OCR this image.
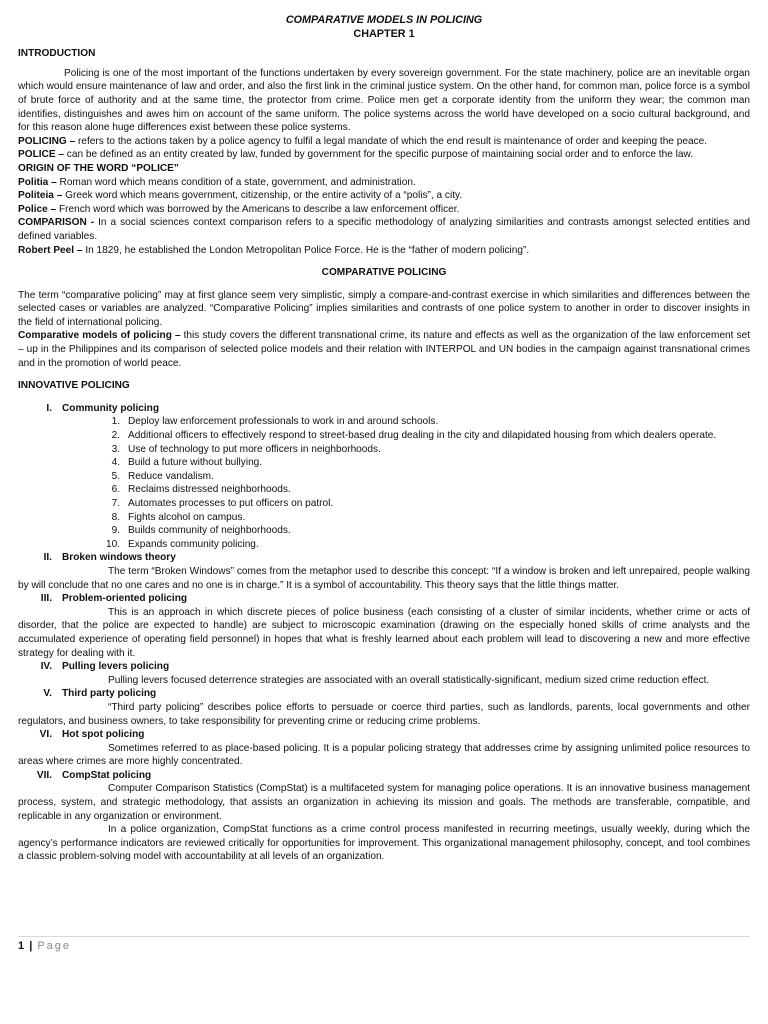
COMPARATIVE MODELS IN POLICING
CHAPTER 1

INTRODUCTION

Policing is one of the most important of the functions undertaken by every sovereign government. For the state machinery, police are an inevitable organ which would ensure maintenance of law and order, and also the first link in the criminal justice system. On the other hand, for common man, police force is a symbol of brute force of authority and at the same time, the protector from crime. Police men get a corporate identity from the uniform they wear; the common man identifies, distinguishes and awes him on account of the same uniform. The police systems across the world have developed on a socio cultural background, and for this reason alone huge differences exist between these police systems.

POLICING – refers to the actions taken by a police agency to fulfil a legal mandate of which the end result is maintenance of order and keeping the peace.

POLICE – can be defined as an entity created by law, funded by government for the specific purpose of maintaining social order and to enforce the law.

ORIGIN OF THE WORD “POLICE”

Politia – Roman word which means condition of a state, government, and administration.

Politeia – Greek word which means government, citizenship, or the entire activity of a “polis”, a city.

Police – French word which was borrowed by the Americans to describe a law enforcement officer.

COMPARISON - In a social sciences context comparison refers to a specific methodology of analyzing similarities and contrasts amongst selected entities and defined variables.

Robert Peel – In 1829, he established the London Metropolitan Police Force. He is the “father of modern policing”.

COMPARATIVE POLICING

The term “comparative policing” may at first glance seem very simplistic, simply a compare-and-contrast exercise in which similarities and differences between the selected cases or variables are analyzed. “Comparative Policing” implies similarities and contrasts of one police system to another in order to discover insights in the field of international policing.

Comparative models of policing – this study covers the different transnational crime, its nature and effects as well as the organization of the law enforcement set – up in the Philippines and its comparison of selected police models and their relation with INTERPOL and UN bodies in the campaign against transnational crimes and in the promotion of world peace.

INNOVATIVE POLICING

I. Community policing
1. Deploy law enforcement professionals to work in and around schools.
2. Additional officers to effectively respond to street-based drug dealing in the city and dilapidated housing from which dealers operate.
3. Use of technology to put more officers in neighborhoods.
4. Build a future without bullying.
5. Reduce vandalism.
6. Reclaims distressed neighborhoods.
7. Automates processes to put officers on patrol.
8. Fights alcohol on campus.
9. Builds community of neighborhoods.
10. Expands community policing.
II. Broken windows theory

The term “Broken Windows” comes from the metaphor used to describe this concept: “If a window is broken and left unrepaired, people walking by will conclude that no one cares and no one is in charge.” It is a symbol of accountability. This theory says that the little things matter.

III. Problem-oriented policing

This is an approach in which discrete pieces of police business (each consisting of a cluster of similar incidents, whether crime or acts of disorder, that the police are expected to handle) are subject to microscopic examination (drawing on the especially honed skills of crime analysts and the accumulated experience of operating field personnel) in hopes that what is freshly learned about each problem will lead to discovering a new and more effective strategy for dealing with it.

IV. Pulling levers policing

Pulling levers focused deterrence strategies are associated with an overall statistically-significant, medium sized crime reduction effect.

V. Third party policing

“Third party policing” describes police efforts to persuade or coerce third parties, such as landlords, parents, local governments and other regulators, and business owners, to take responsibility for preventing crime or reducing crime problems.

VI. Hot spot policing

Sometimes referred to as place-based policing. It is a popular policing strategy that addresses crime by assigning unlimited police resources to areas where crimes are more highly concentrated.

VII. CompStat policing

Computer Comparison Statistics (CompStat) is a multifaceted system for managing police operations. It is an innovative business management process, system, and strategic methodology, that assists an organization in achieving its mission and goals. The methods are transferable, compatible, and replicable in any organization or environment.

In a police organization, CompStat functions as a crime control process manifested in recurring meetings, usually weekly, during which the agency’s performance indicators are reviewed critically for opportunities for improvement. This organizational management philosophy, concept, and tool combines a classic problem-solving model with accountability at all levels of an organization.

1 | Page
